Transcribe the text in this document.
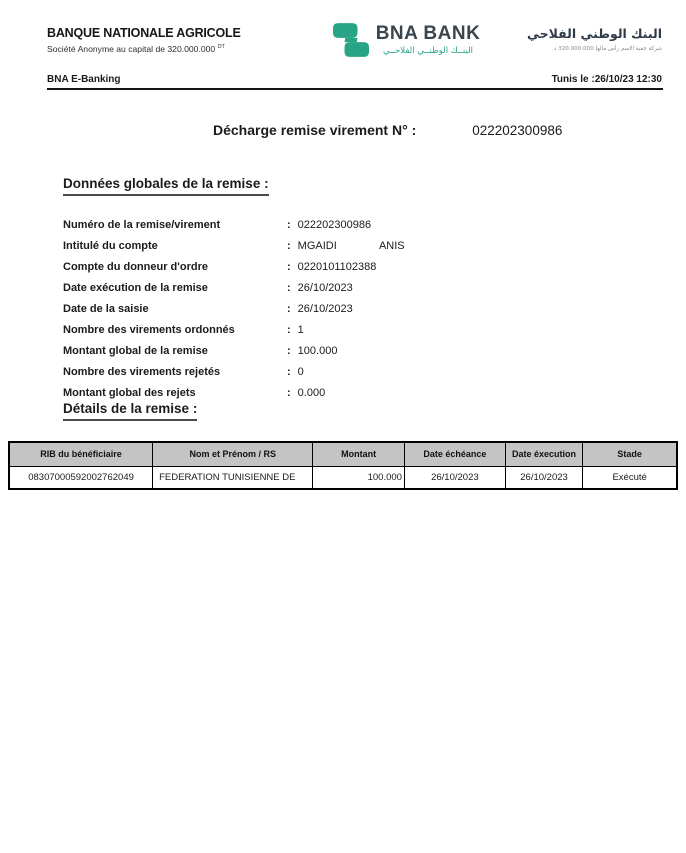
BANQUE NATIONALE AGRICOLE
Société Anonyme au capital de 320.000.000 $^{DT}$
BNA BANK
البنــك الوطنــي الفلاحــي
البنك الوطني الفلاحي
شركة خفية الاسم رأس مالها 320.000.000 د
BNA E-Banking	Tunis le :26/10/23 12:30
Décharge remise virement N° :	022202300986
Données globales de la remise :
Numéro de la remise/virement	: 022202300986
Intitulé du compte	: MGAIDI              ANIS
Compte du donneur d'ordre	: 0220101102388
Date exécution de la remise	: 26/10/2023
Date de la saisie	: 26/10/2023
Nombre des virements ordonnés	: 1
Montant global de la remise	: 100.000
Nombre des virements rejetés	: 0
Montant global des rejets	: 0.000
Détails de la remise :
RIB du bénéficiaire	Nom et Prénom / RS	Montant	Date échéance	Date éxecution	Stade
08307000592002762049	FEDERATION TUNISIENNE DE	100.000	26/10/2023	26/10/2023	Exécuté
